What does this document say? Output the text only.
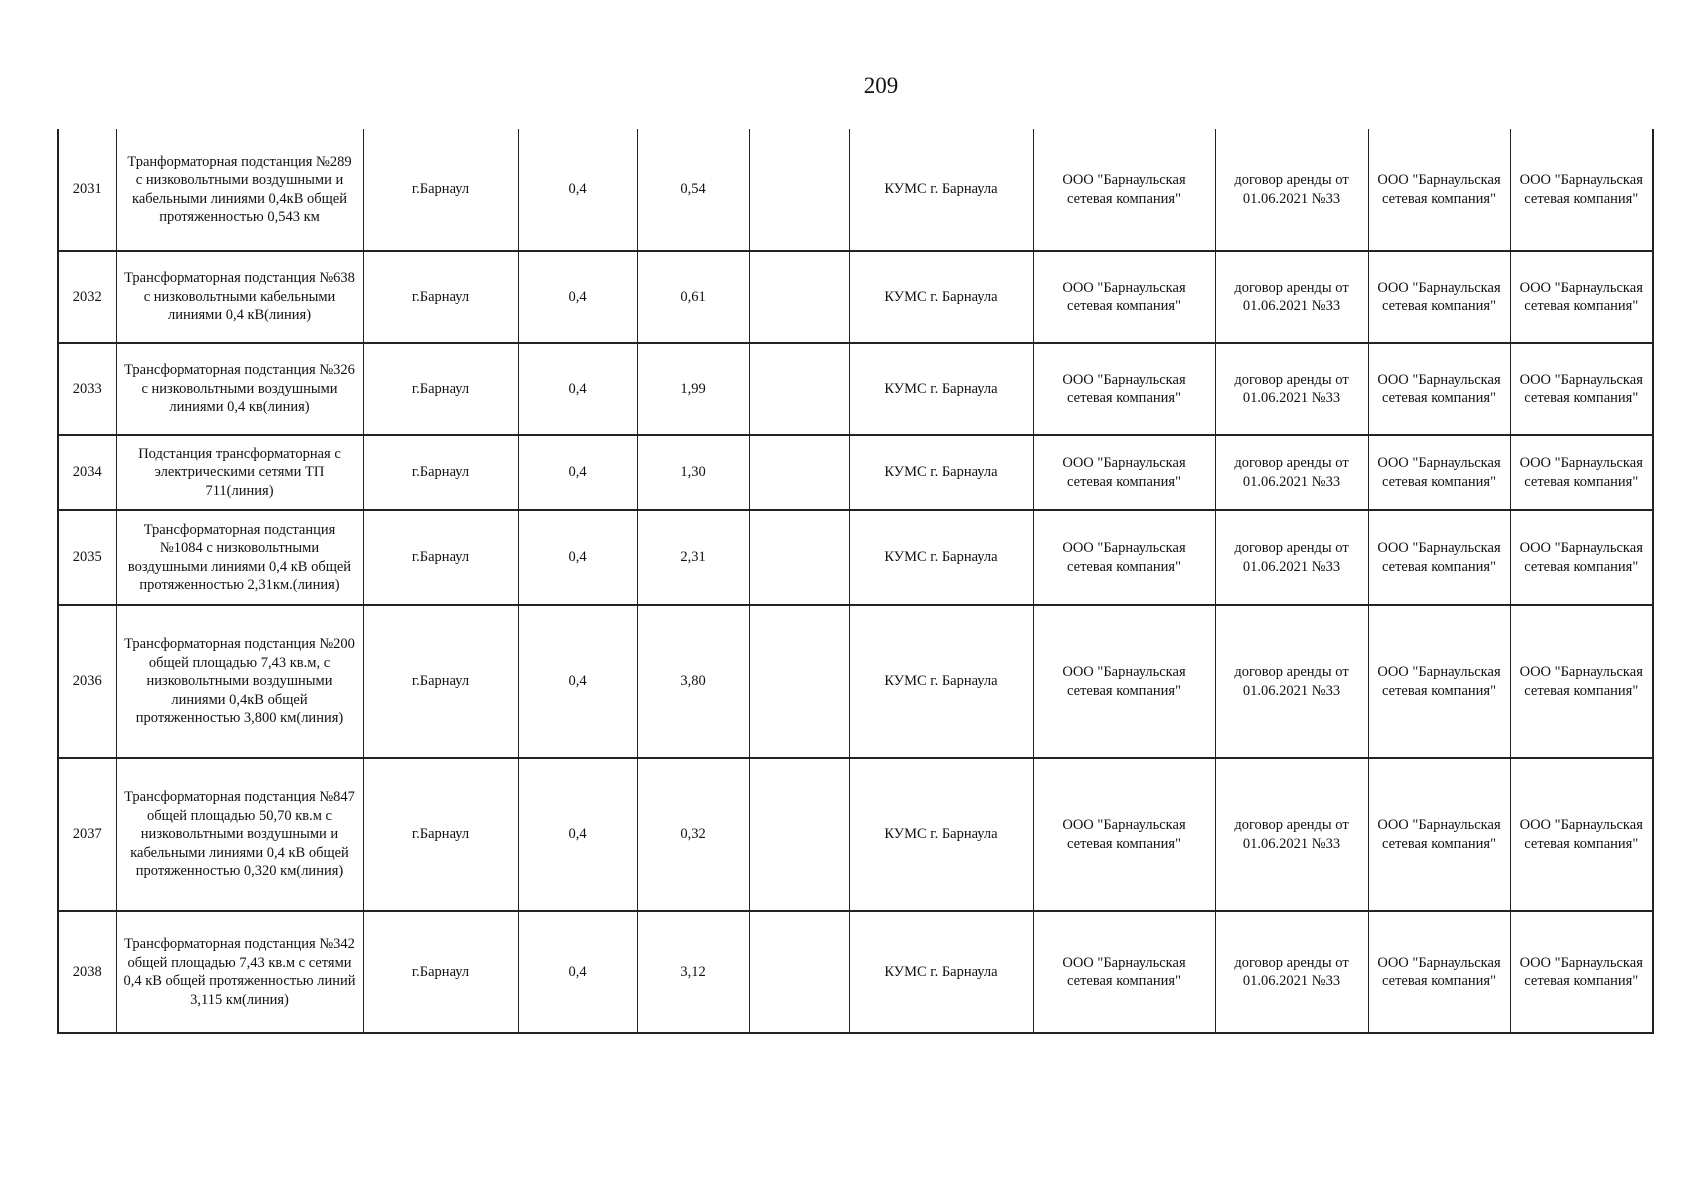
209
2031	Транформаторная подстанция №289 с низковольтными воздушными и кабельными линиями 0,4кВ общей протяженностью 0,543 км	г.Барнаул	0,4	0,54		КУМС г. Барнаула	ООО "Барнаульская сетевая компания"	договор аренды от 01.06.2021 №33	ООО "Барнаульская сетевая компания"	ООО "Барнаульская сетевая компания"
2032	Трансформаторная подстанция №638 с низковольтными кабельными линиями 0,4 кВ(линия)	г.Барнаул	0,4	0,61		КУМС г. Барнаула	ООО "Барнаульская сетевая компания"	договор аренды от 01.06.2021 №33	ООО "Барнаульская сетевая компания"	ООО "Барнаульская сетевая компания"
2033	Трансформаторная подстанция №326 с низковольтными воздушными линиями 0,4 кв(линия)	г.Барнаул	0,4	1,99		КУМС г. Барнаула	ООО "Барнаульская сетевая компания"	договор аренды от 01.06.2021 №33	ООО "Барнаульская сетевая компания"	ООО "Барнаульская сетевая компания"
2034	Подстанция трансформаторная с электрическими сетями ТП 711(линия)	г.Барнаул	0,4	1,30		КУМС г. Барнаула	ООО "Барнаульская сетевая компания"	договор аренды от 01.06.2021 №33	ООО "Барнаульская сетевая компания"	ООО "Барнаульская сетевая компания"
2035	Трансформаторная подстанция №1084 с низковольтными воздушными линиями 0,4 кВ общей протяженностью 2,31км.(линия)	г.Барнаул	0,4	2,31		КУМС г. Барнаула	ООО "Барнаульская сетевая компания"	договор аренды от 01.06.2021 №33	ООО "Барнаульская сетевая компания"	ООО "Барнаульская сетевая компания"
2036	Трансформаторная подстанция №200 общей площадью 7,43 кв.м, с низковольтными воздушными линиями 0,4кВ общей протяженностью 3,800 км(линия)	г.Барнаул	0,4	3,80		КУМС г. Барнаула	ООО "Барнаульская сетевая компания"	договор аренды от 01.06.2021 №33	ООО "Барнаульская сетевая компания"	ООО "Барнаульская сетевая компания"
2037	Трансформаторная подстанция №847 общей площадью 50,70 кв.м с низковольтными воздушными и кабельными линиями 0,4 кВ общей протяженностью 0,320 км(линия)	г.Барнаул	0,4	0,32		КУМС г. Барнаула	ООО "Барнаульская сетевая компания"	договор аренды от 01.06.2021 №33	ООО "Барнаульская сетевая компания"	ООО "Барнаульская сетевая компания"
2038	Трансформаторная подстанция №342 общей площадью 7,43 кв.м с сетями 0,4 кВ общей протяженностью линий 3,115 км(линия)	г.Барнаул	0,4	3,12		КУМС г. Барнаула	ООО "Барнаульская сетевая компания"	договор аренды от 01.06.2021 №33	ООО "Барнаульская сетевая компания"	ООО "Барнаульская сетевая компания"
